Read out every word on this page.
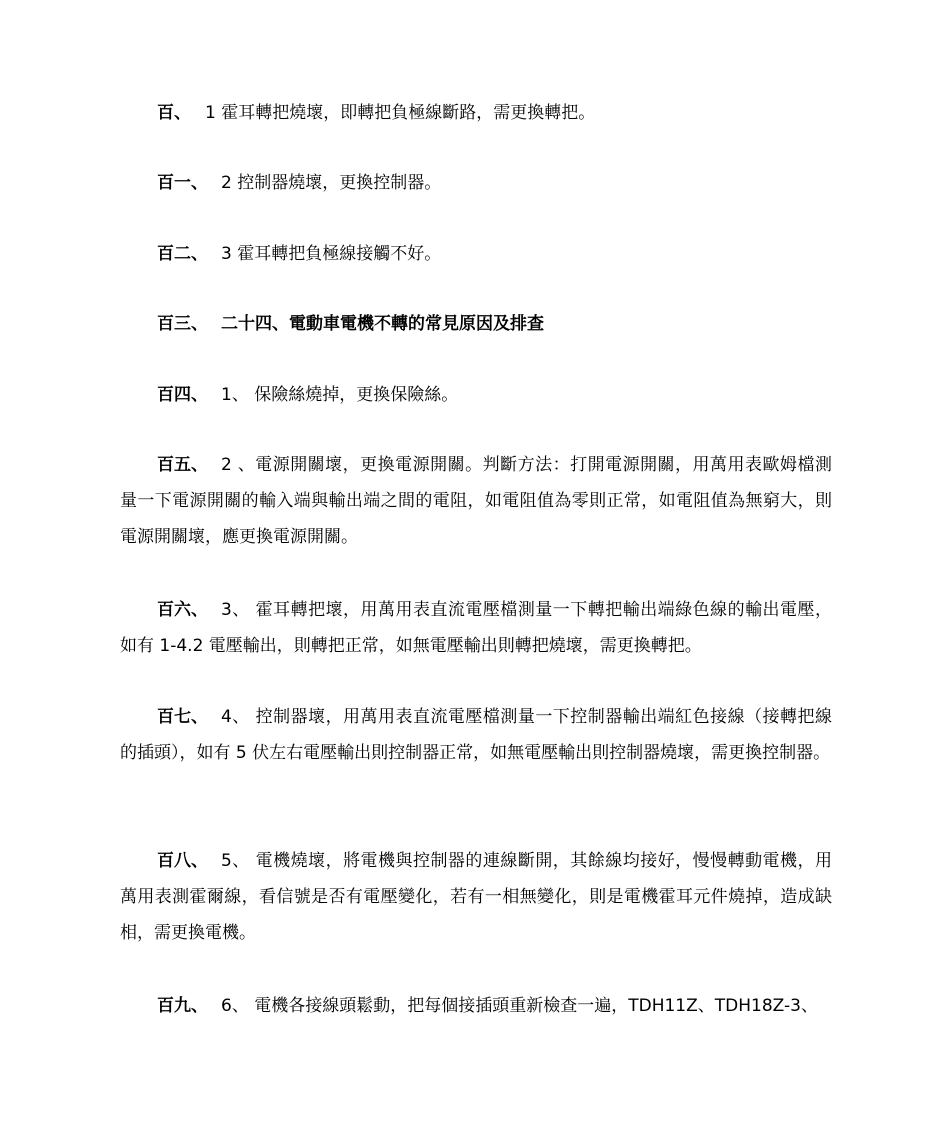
百、 1 霍耳轉把燒壞，即轉把負極線斷路，需更換轉把。

百一、 2 控制器燒壞，更換控制器。

百二、 3 霍耳轉把負極線接觸不好。

百三、 二十四、電動車電機不轉的常見原因及排查

百四、 1、 保險絲燒掉，更換保險絲。

百五、 2 、電源開關壞，更換電源開關。判斷方法：打開電源開關，用萬用表歐姆檔測量一下電源開關的輸入端與輸出端之間的電阻，如電阻值為零則正常，如電阻值為無窮大，則電源開關壞，應更換電源開關。

百六、 3、 霍耳轉把壞，用萬用表直流電壓檔測量一下轉把輸出端綠色線的輸出電壓，如有 1-4.2 電壓輸出，則轉把正常，如無電壓輸出則轉把燒壞，需更換轉把。

百七、 4、 控制器壞，用萬用表直流電壓檔測量一下控制器輸出端紅色接線（接轉把線的插頭），如有 5 伏左右電壓輸出則控制器正常，如無電壓輸出則控制器燒壞，需更換控制器。

百八、 5、 電機燒壞，將電機與控制器的連線斷開，其餘線均接好，慢慢轉動電機，用萬用表測霍爾線，看信號是否有電壓變化，若有一相無變化，則是電機霍耳元件燒掉，造成缺相，需更換電機。

百九、 6、 電機各接線頭鬆動，把每個接插頭重新檢查一遍，TDH11Z、TDH18Z-3、
